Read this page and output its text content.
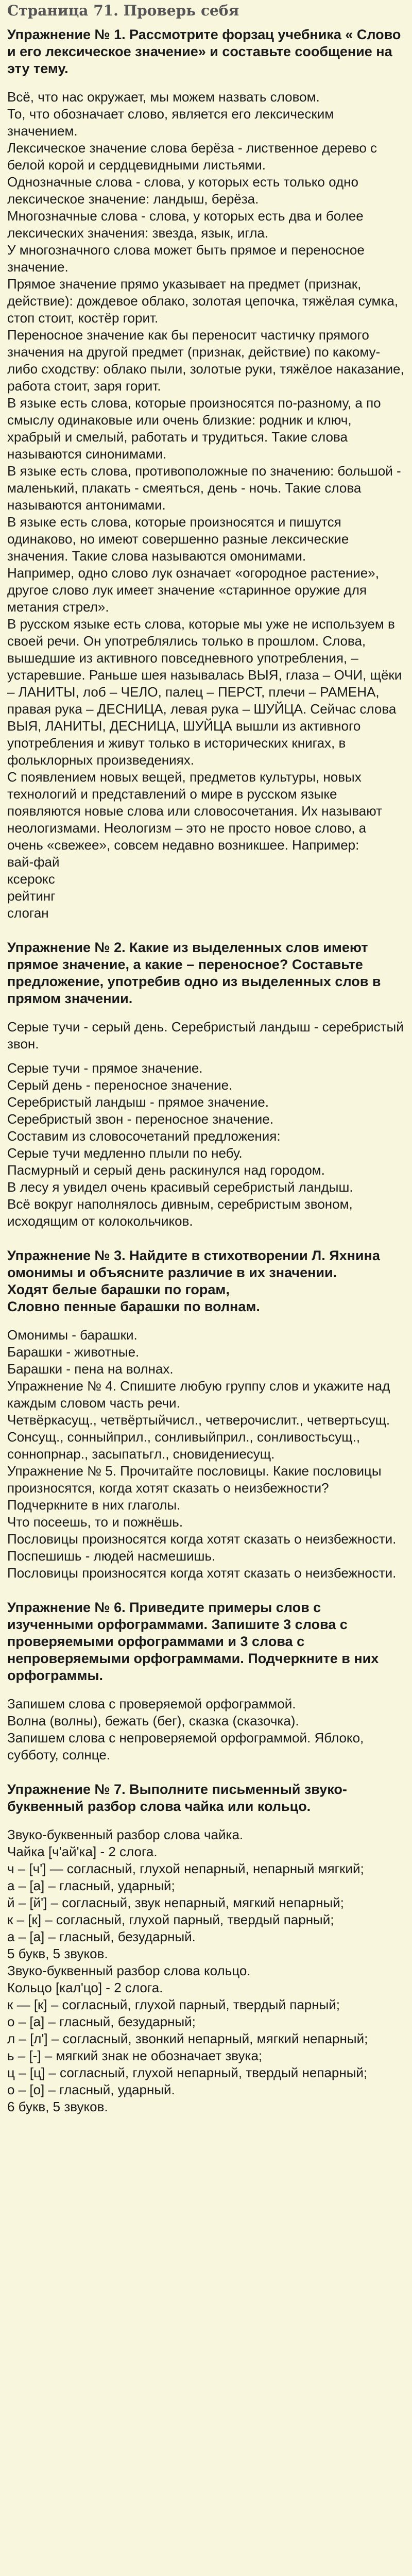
Страница 71. Проверь себя

Упражнение № 1. Рассмотрите форзац учебника « Слово и его лексическое значение» и составьте сообщение на эту тему.

Всё, что нас окружает, мы можем назвать словом.

То, что обозначает слово, является его лексическим значением.

Лексическое значение слова берёза - лиственное дерево с белой корой и сердцевидными листьями.

Однозначные слова - слова, у которых есть только одно лексическое значение: ландыш, берёза.

Многозначные слова - слова, у которых есть два и более лексических значения: звезда, язык, игла.

У многозначного слова может быть прямое и переносное значение.

Прямое значение прямо указывает на предмет (признак, действие): дождевое облако, золотая цепочка, тяжёлая сумка, стоп стоит, костёр горит.

Переносное значение как бы переносит частичку прямого значения на другой предмет (признак, действие) по какому-либо сходству: облако пыли, золотые руки, тяжёлое наказание, работа стоит, заря горит.

В языке есть слова, которые произносятся по-разному, а по смыслу одинаковые или очень близкие: родник и ключ, храбрый и смелый, работать и трудиться. Такие слова называются синонимами.

В языке есть слова, противоположные по значению: большой - маленький, плакать - смеяться, день - ночь. Такие слова называются антонимами.

В языке есть слова, которые произносятся и пишутся одинаково, но имеют совершенно разные лексические значения. Такие слова называются омонимами.

Например, одно слово лук означает «огородное растение», другое слово лук имеет значение «старинное оружие для метания стрел».

В русском языке есть слова, которые мы уже не используем в своей речи. Он употреблялись только в прошлом. Слова, вышедшие из активного повседневного употребления, – устаревшие. Раньше шея называлась ВЫЯ, глаза – ОЧИ, щёки – ЛАНИТЫ, лоб – ЧЕЛО, палец – ПЕРСТ, плечи – РАМЕНА, правая рука – ДЕСНИЦА, левая рука – ШУЙЦА. Сейчас слова ВЫЯ, ЛАНИТЫ, ДЕСНИЦА, ШУЙЦА вышли из активного употребления и живут только в исторических книгах, в фольклорных произведениях.

С появлением новых вещей, предметов культуры, новых технологий и представлений о мире в русском языке появляются новые слова или словосочетания. Их называют неологизмами. Неологизм – это не просто новое слово, а очень «свежее», совсем недавно возникшее. Например:

вай-фай

ксерокс

рейтинг

слоган

Упражнение № 2. Какие из выделенных слов имеют прямое значение, а какие – переносное? Составьте предложение, употребив одно из выделенных слов в прямом значении.

Серые тучи - серый день. Серебристый ландыш - серебристый звон.

Серые тучи - прямое значение.

Серый день - переносное значение.

Серебристый ландыш - прямое значение.

Серебристый звон - переносное значение.

Составим из словосочетаний предложения:

Серые тучи медленно плыли по небу.

Пасмурный и серый день раскинулся над городом.

В лесу я увидел очень красивый серебристый ландыш.

Всё вокруг наполнялось дивным, серебристым звоном, исходящим от колокольчиков.

Упражнение № 3. Найдите в стихотворении Л. Яхнина омонимы и объясните различие в их значении.
Ходят белые барашки по горам,
Словно пенные барашки по волнам.

Омонимы - барашки.

Барашки - животные.

Барашки - пена на волнах.

Упражнение № 4. Спишите любую группу слов и укажите над каждым словом часть речи.

Четвёркасущ., четвёртыйчисл., четверочислит., четвертьсущ.

Сонсущ., сонныйприл., сонливыйприл., сонливостьсущ., соннопрнар., засыпатьгл., сновидениесущ.

Упражнение № 5. Прочитайте пословицы. Какие пословицы произносятся, когда хотят сказать о неизбежности? Подчеркните в них глаголы.

Что посеешь, то и пожнёшь.

Пословицы произносятся когда хотят сказать о неизбежности.

Поспешишь - людей насмешишь.

Пословицы произносятся когда хотят сказать о неизбежности.

Упражнение № 6. Приведите примеры слов с изученными орфограммами. Запишите 3 слова с проверяемыми орфограммами и 3 слова с непроверяемыми орфограммами. Подчеркните в них орфограммы.

Запишем слова с проверяемой орфограммой.

Волна (волны), бежать (бег), сказка (сказочка).

Запишем слова с непроверяемой орфограммой. Яблоко, субботу, солнце.

Упражнение № 7. Выполните письменный звуко-буквенный разбор слова чайка или кольцо.

Звуко-буквенный разбор слова чайка.

Чайка [ч'ай'ка] - 2 слога.

ч – [ч'] — согласный, глухой непарный, непарный мягкий;

а – [а] – гласный, ударный;

й – [й'] – согласный, звук непарный, мягкий непарный;

к – [к] – согласный, глухой парный, твердый парный;

а – [а] – гласный, безударный.

5 букв, 5 звуков.

Звуко-буквенный разбор слова кольцо.

Кольцо [кал'цо] - 2 слога.

к — [к] – согласный, глухой парный, твердый парный;

о – [а] – гласный, безударный;

л – [л'] – согласный, звонкий непарный, мягкий непарный;

ь – [-] – мягкий знак не обозначает звука;

ц – [ц] – согласный, глухой непарный, твердый непарный;

о – [о] – гласный, ударный.

6 букв, 5 звуков.
